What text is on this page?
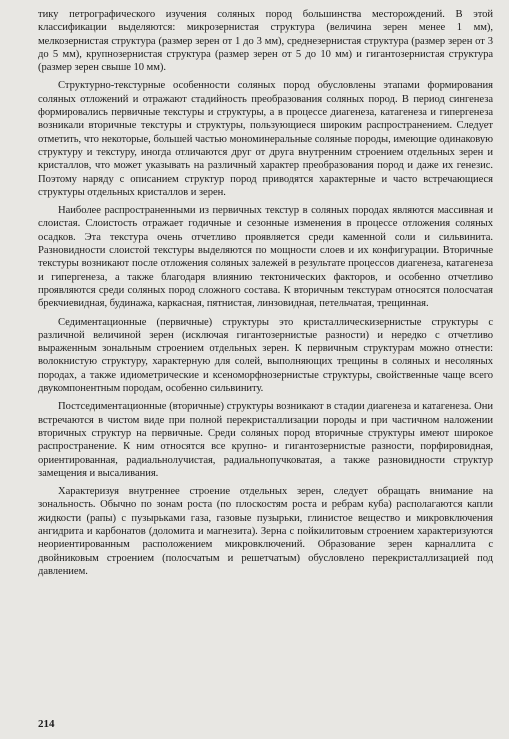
тику петрографического изучения соляных пород большинства месторождений. В этой классификации выделяются: микрозернистая структура (величина зерен менее 1 мм), мелкозернистая структура (размер зерен от 1 до 3 мм), среднезернистая структура (размер зерен от 3 до 5 мм), крупнозернистая структура (размер зерен от 5 до 10 мм) и гигантозернистая структура (размер зерен свыше 10 мм).

Структурно-текстурные особенности соляных пород обусловлены этапами формирования соляных отложений и отражают стадийность преобразования соляных пород. В период сингенеза формировались первичные текстуры и структуры, а в процессе диагенеза, катагенеза и гипергенеза возникали вторичные текстуры и структуры, пользующиеся широким распространением. Следует отметить, что некоторые, большей частью мономинеральные соляные породы, имеющие одинаковую структуру и текстуру, иногда отличаются друг от друга внутренним строением отдельных зерен и кристаллов, что может указывать на различный характер преобразования пород и даже их генезис. Поэтому наряду с описанием структур пород приводятся характерные и часто встречающиеся структуры отдельных кристаллов и зерен.

Наиболее распространенными из первичных текстур в соляных породах являются массивная и слоистая. Слоистость отражает годичные и сезонные изменения в процессе отложения соляных осадков. Эта текстура очень отчетливо проявляется среди каменной соли и сильвинита. Разновидности слоистой текстуры выделяются по мощности слоев и их конфигурации. Вторичные текстуры возникают после отложения соляных залежей в результате процессов диагенеза, катагенеза и гипергенеза, а также благодаря влиянию тектонических факторов, и особенно отчетливо проявляются среди соляных пород сложного состава. К вторичным текстурам относятся полосчатая брекчиевидная, будинажа, каркасная, пятнистая, линзовидная, петельчатая, трещинная.

Седиментационные (первичные) структуры это кристаллическизернистые структуры с различной величиной зерен (исключая гигантозернистые разности) и нередко с отчетливо выраженным зональным строением отдельных зерен. К первичным структурам можно отнести: волокнистую структуру, характерную для солей, выполняющих трещины в соляных и несоляных породах, а также идиометрические и ксеноморфнозернистые структуры, свойственные чаще всего двукомпонентным породам, особенно сильвиниту.

Постседиментационные (вторичные) структуры возникают в стадии диагенеза и катагенеза. Они встречаются в чистом виде при полной перекристаллизации породы и при частичном наложении вторичных структур на первичные. Среди соляных пород вторичные структуры имеют широкое распространение. К ним относятся все крупно- и гигантозернистые разности, порфировидная, ориентированная, радиальнолучистая, радиальнопучковатая, а также разновидности структур замещения и высаливания.

Характеризуя внутреннее строение отдельных зерен, следует обращать внимание на зональность. Обычно по зонам роста (по плоскостям роста и ребрам куба) располагаются капли жидкости (рапы) с пузырьками газа, газовые пузырьки, глинистое вещество и микровключения ангидрита и карбонатов (доломита и магнезита). Зерна с пойкилитовым строением характеризуются неориентированным расположением микровключений. Образование зерен карналлита с двойниковым строением (полосчатым и решетчатым) обусловлено перекристаллизацией под давлением.

214
